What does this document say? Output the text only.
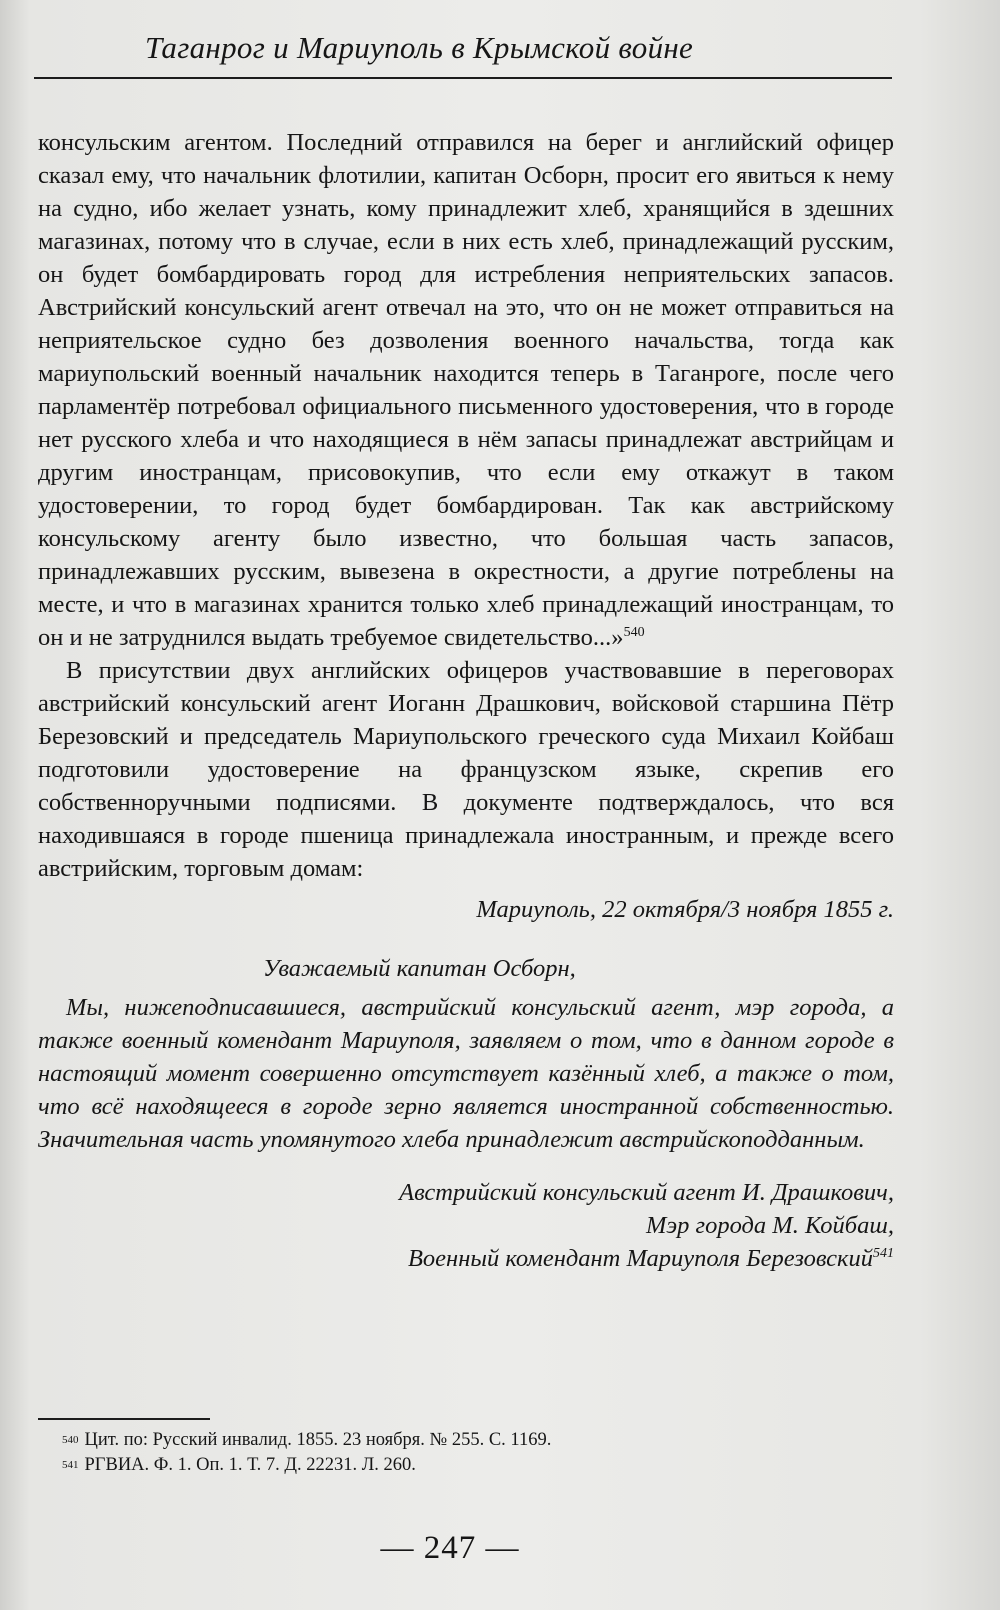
Таганрог и Мариуполь в Крымской войне

консульским агентом. Последний отправился на берег и английский офицер сказал ему, что начальник флотилии, капитан Осборн, просит его явиться к нему на судно, ибо желает узнать, кому принадлежит хлеб, хранящийся в здешних магазинах, потому что в случае, если в них есть хлеб, принадлежащий русским, он будет бомбардировать город для истребления неприятельских запасов. Австрийский консульский агент отвечал на это, что он не может отправиться на неприятельское судно без дозволения военного начальства, тогда как мариупольский военный начальник находится теперь в Таганроге, после чего парламентёр потребовал официального письменного удостоверения, что в городе нет русского хлеба и что находящиеся в нём запасы принадлежат австрийцам и другим иностранцам, присовокупив, что если ему откажут в таком удостоверении, то город будет бомбардирован. Так как австрийскому консульскому агенту было известно, что большая часть запасов, принадлежавших русским, вывезена в окрестности, а другие потреблены на месте, и что в магазинах хранится только хлеб принадлежащий иностранцам, то он и не затруднился выдать требуемое свидетельство...»$^{540}$

В присутствии двух английских офицеров участвовавшие в переговорах австрийский консульский агент Иоганн Драшкович, войсковой старшина Пётр Березовский и председатель Мариупольского греческого суда Михаил Койбаш подготовили удостоверение на французском языке, скрепив его собственноручными подписями. В документе подтверждалось, что вся находившаяся в городе пшеница принадлежала иностранным, и прежде всего австрийским, торговым домам:

Мариуполь, 22 октября/3 ноября 1855 г.

Уважаемый капитан Осборн,

Мы, нижеподписавшиеся, австрийский консульский агент, мэр города, а также военный комендант Мариуполя, заявляем о том, что в данном городе в настоящий момент совершенно отсутствует казённый хлеб, а также о том, что всё находящееся в городе зерно является иностранной собственностью. Значительная часть упомянутого хлеба принадлежит австрийскоподданным.

Австрийский консульский агент И. Драшкович,

Мэр города М. Койбаш,

Военный комендант Мариуполя Березовский$^{541}$

$^{540}$ Цит. по: Русский инвалид. 1855. 23 ноября. № 255. С. 1169.

$^{541}$ РГВИА. Ф. 1. Оп. 1. Т. 7. Д. 22231. Л. 260.

— 247 —
